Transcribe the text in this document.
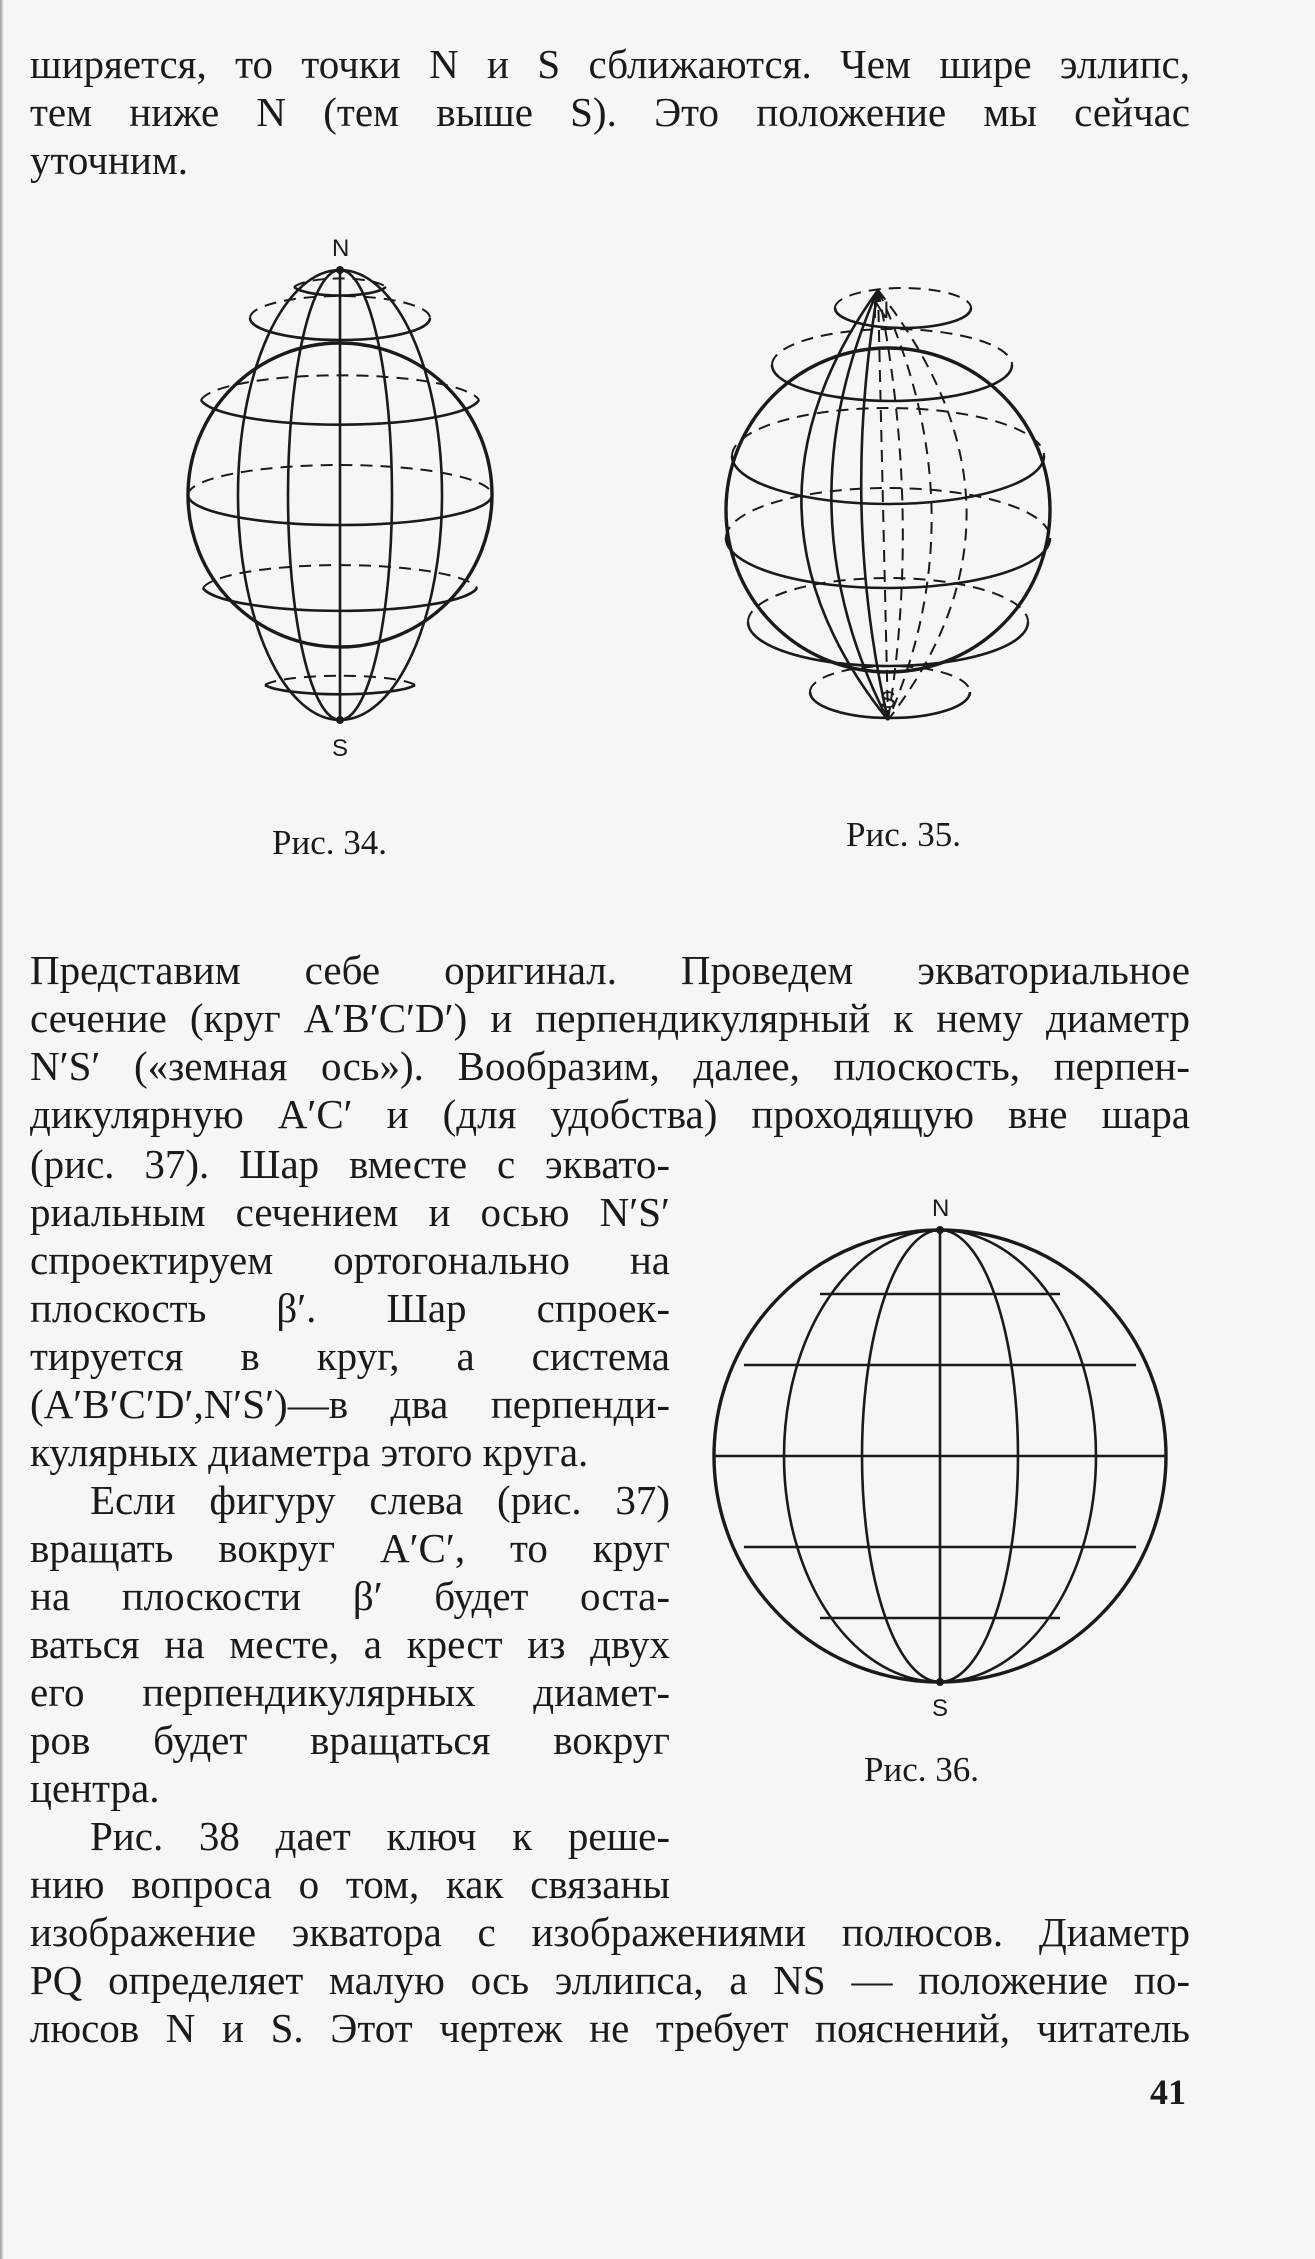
ширяется, то точки N и S сближаются. Чем шире эллипс,
тем ниже N (тем выше S). Это положение мы сейчас
уточним.
N
S
Рис. 34.
N
S
Рис. 35.
Представим себе оригинал. Проведем экваториальное
сечение (круг A′B′C′D′) и перпендикулярный к нему диаметр
N′S′ («земная ось»). Вообразим, далее, плоскость, перпен-
дикулярную A′C′ и (для удобства) проходящую вне шара
(рис. 37). Шар вместе с эквато-
риальным сечением и осью N′S′
спроектируем ортогонально на
плоскость β′. Шар спроек-
тируется в круг, а система
(A′B′C′D′,N′S′)—в два перпенди-
кулярных диаметра этого круга.
Если фигуру слева (рис. 37)
вращать вокруг A′C′, то круг
на плоскости β′ будет оста-
ваться на месте, а крест из двух
его перпендикулярных диамет-
ров будет вращаться вокруг
центра.
Рис. 38 дает ключ к реше-
нию вопроса о том, как связаны
N
S
Рис. 36.
изображение экватора с изображениями полюсов. Диаметр
PQ определяет малую ось эллипса, а NS — положение по-
люсов N и S. Этот чертеж не требует пояснений, читатель
41
